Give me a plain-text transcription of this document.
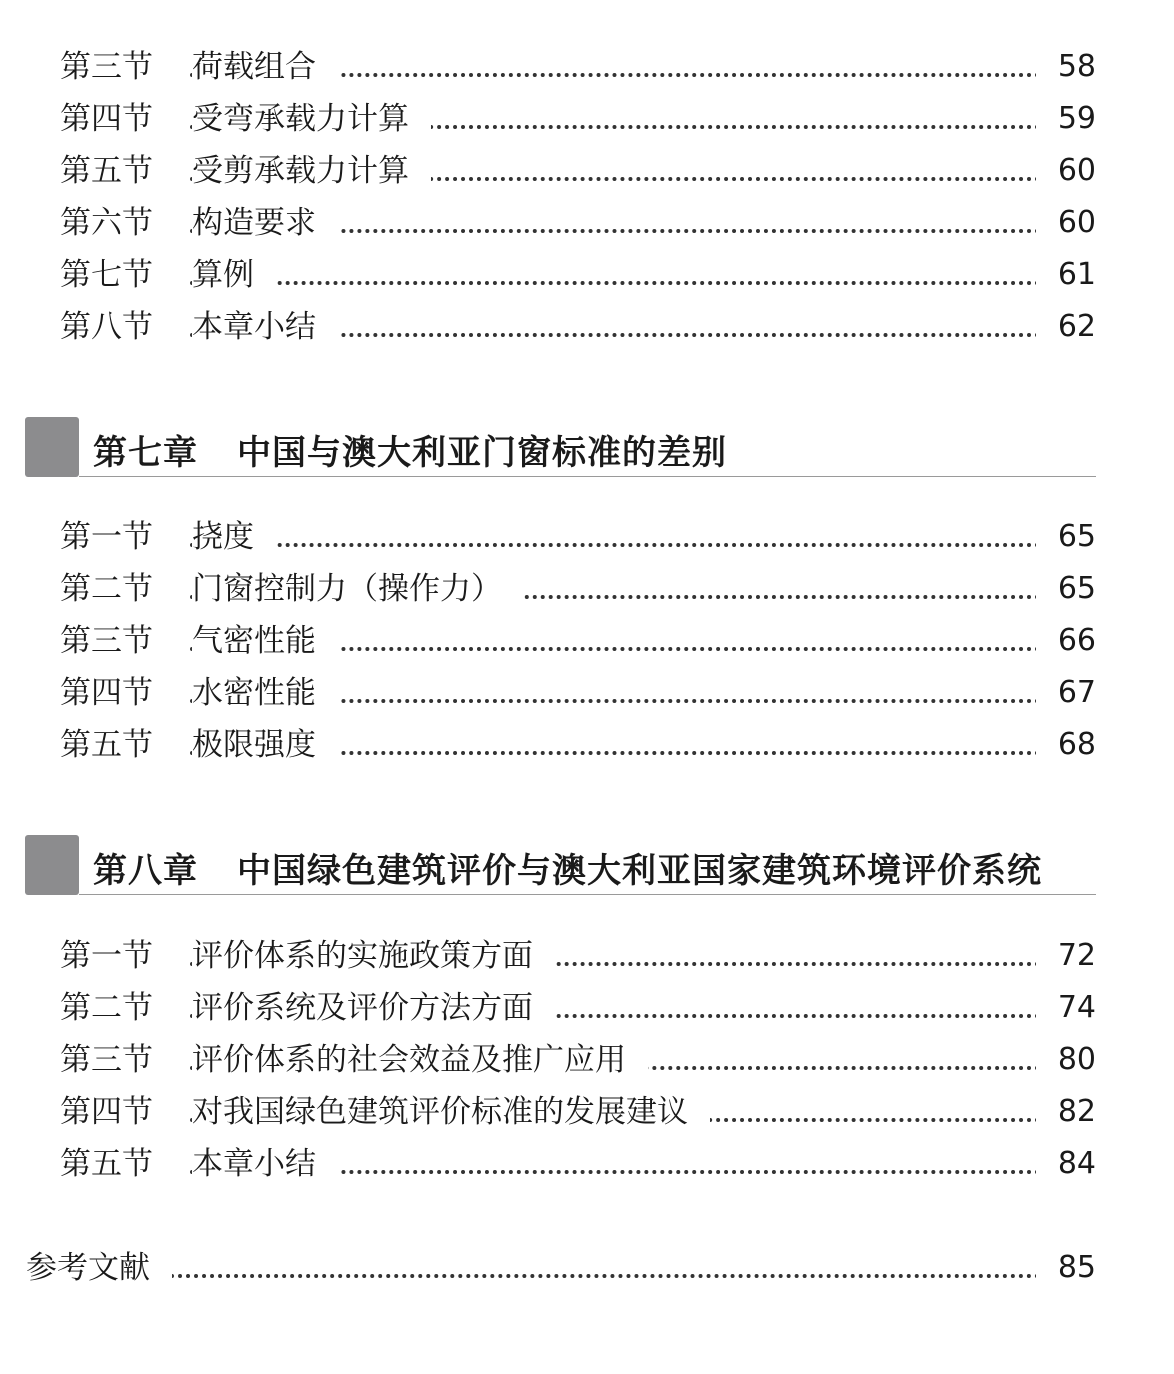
第三节	荷载组合	58
第四节	受弯承载力计算	59
第五节	受剪承载力计算	60
第六节	构造要求	60
第七节	算例	61
第八节	本章小结	62
第七章 中国与澳大利亚门窗标准的差别
第一节	挠度	65
第二节	门窗控制力（操作力）	65
第三节	气密性能	66
第四节	水密性能	67
第五节	极限强度	68
第八章 中国绿色建筑评价与澳大利亚国家建筑环境评价系统
第一节	评价体系的实施政策方面	72
第二节	评价系统及评价方法方面	74
第三节	评价体系的社会效益及推广应用	80
第四节	对我国绿色建筑评价标准的发展建议	82
第五节	本章小结	84
参考文献	85
